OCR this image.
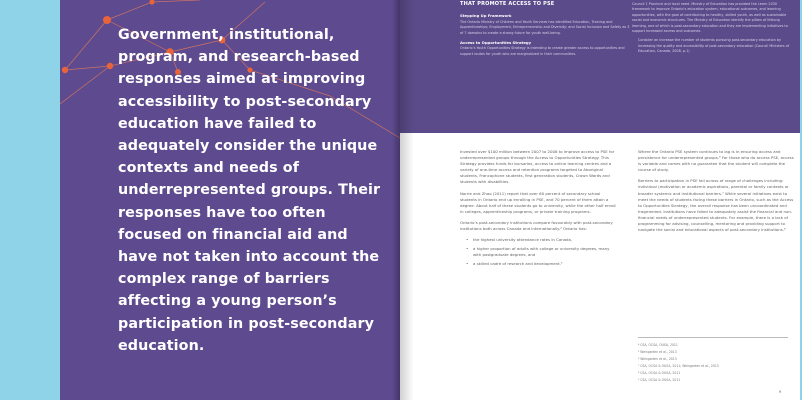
Government, institutional, program, and research-based responses aimed at improving accessibility to post-secondary education have failed to adequately consider the unique contexts and needs of underrepresented groups. Their responses have too often focused on financial aid and have not taken into account the complex range of barriers affecting a young person’s participation in post-secondary education.

THAT PROMOTE ACCESS TO PSE
Stepping Up Framework

The Ontario Ministry of Children and Youth Services has identified Education, Training and Apprenticeships; Employment, Entrepreneurship and Diversity; and Social Inclusion and Safety as 3 of 7 domains to create a strong future for youth well-being.

Access to Opportunities Strategy

Ontario’s Youth Opportunities Strategy is intending to create greater access to opportunities and support routes for youth who are marginalized in their communities.

Council 1 Province and local need. Ministry of Education has provided the Learn 2030 framework to improve Ontario’s education system, educational outcomes, and learning opportunities, with the goal of contributing to healthy, skilled youth, as well as sustainable social and economic structures. The Ministry of Education identify the pillars of lifelong learning, one of which is post-secondary education and they are implementing initiatives to support increased access and outcomes.

Consider an increase the number of students pursuing post-secondary education by increasing the quality and accessibility of post-secondary education (Council Ministers of Education, Canada, 2008, p.1)

Invested over $100 million between 2007 to 2008 to improve access to PSE for underrepresented groups through the Access to Opportunities Strategy. This Strategy provides funds for bursaries, access to online learning centres and a variety of one-time access and retention programs targeted to Aboriginal students, Francophone students, first generation students, Crown Wards and students with disabilities.

Norrie and Zhao (2011) report that over 60 percent of secondary school students in Ontario end up enrolling in PSE, and 70 percent of them attain a degree. About half of these students go to university, while the other half enroll in colleges, apprenticeship programs, or private training programs.

Ontario’s post-secondary institutions compare favourably with post-secondary institutions both across Canada and internationally.⁴ Ontario has:

• the highest university attendance rates in Canada,
• a higher proportion of adults with college or university degrees, many with postgraduate degrees, and
• a skilled cadre of research and development.⁵

Where the Ontario PSE system continues to lag is in ensuring access and persistence for underrepresented groups.⁶ For those who do access PSE, access is variable and comes with no guarantee that the student will complete the course of study.

Barriers to participation in PSE fall across of range of challenges including: individual (motivation or academic aspirations, parental or family contexts or broader systemic and institutional barriers.⁷ While several initiatives exist to meet the needs of students facing these barriers in Ontario, such as the Access to Opportunities Strategy, the overall response has been uncoordinated and fragmented. Institutions have failed to adequately assist the financial and non-financial needs of underrepresented students. For example, there is a lack of programming for advising, counselling, mentoring and providing support to navigate the social and educational aspects of post-secondary institutions.⁸

⁴ CSA, OCSA, OUSA, 2011
⁵ Weingarten et al., 2013
⁶ Weingarten et al., 2013
⁷ CSA, OCSA & OUSA, 2011; Weingarten et al., 2013
⁸ CSA, OCSA & OUSA, 2011
⁹ CSA, OCSA & OUSA, 2011
9
